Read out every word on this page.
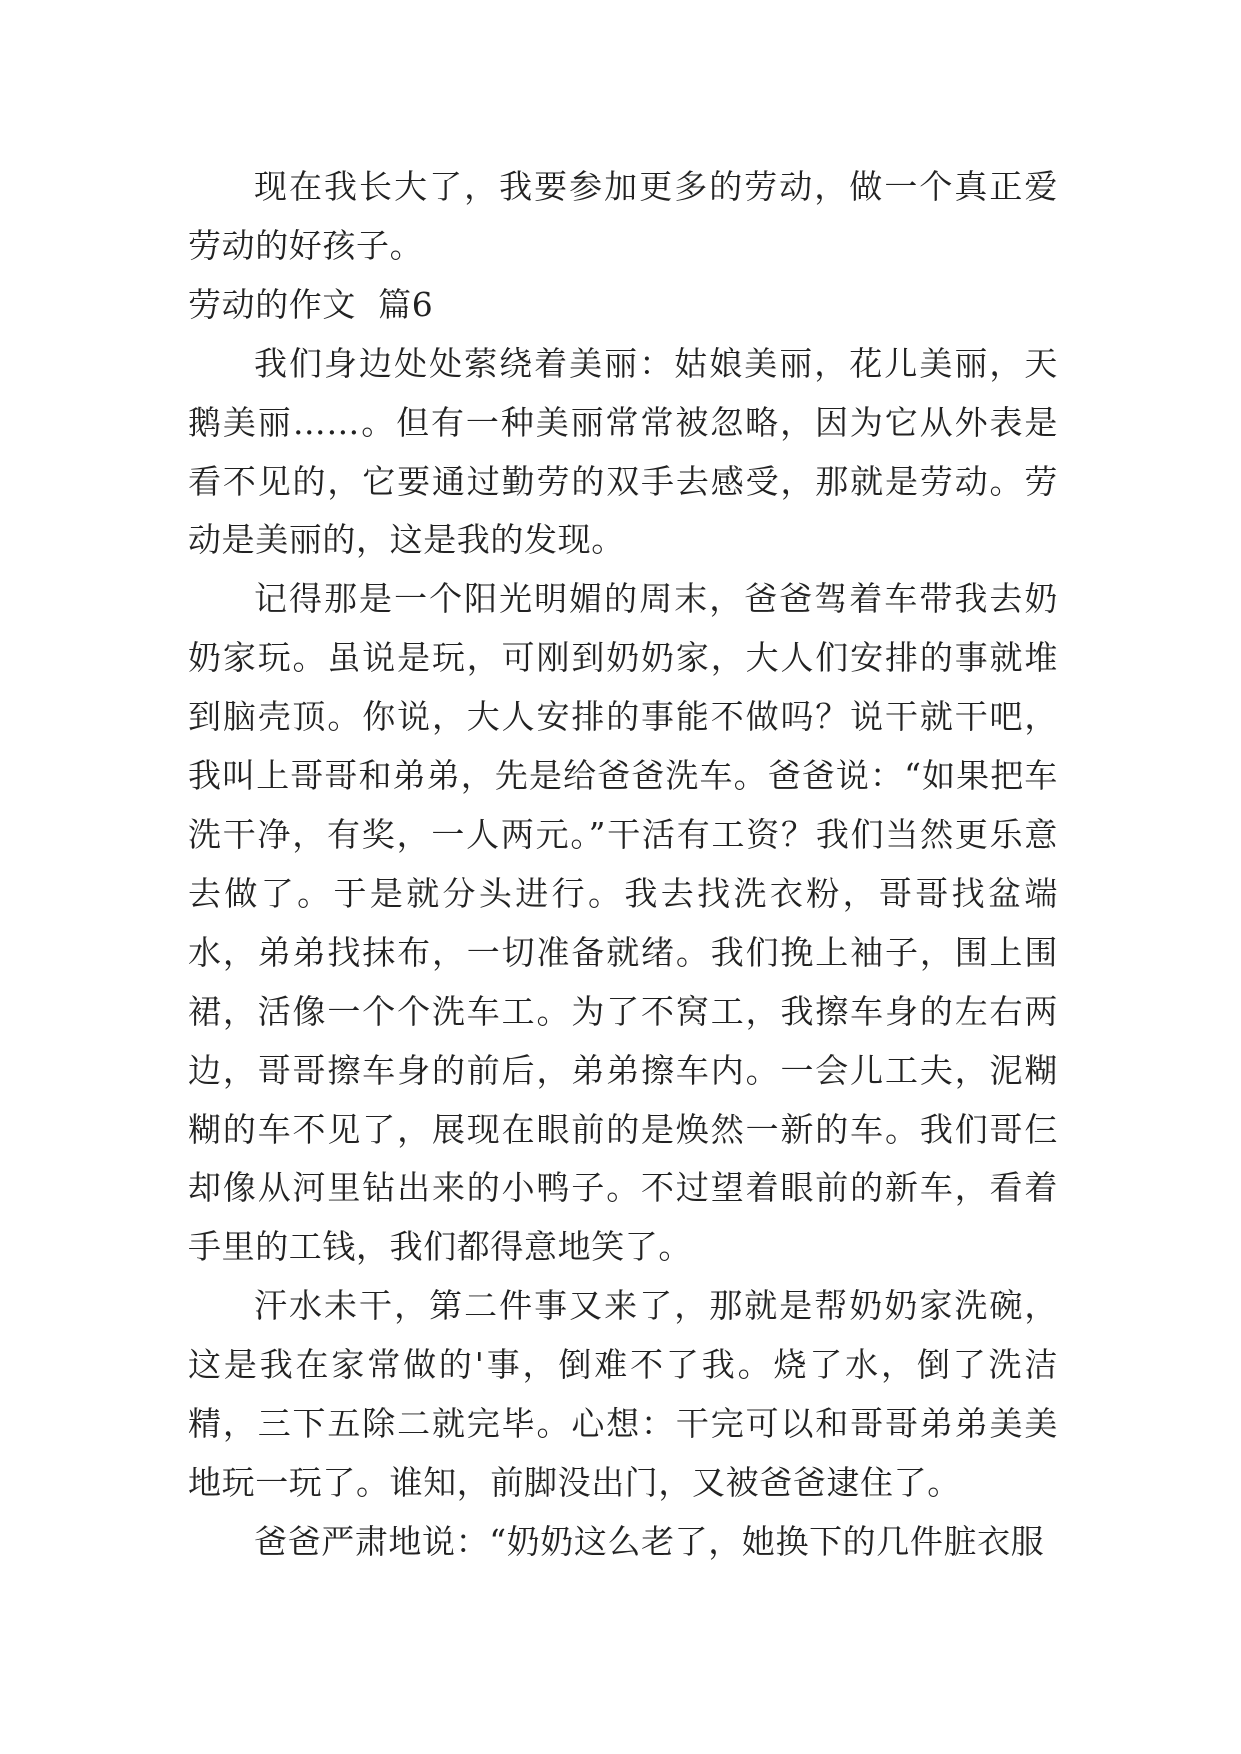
现在我长大了，我要参加更多的劳动，做一个真正爱劳动的好孩子。

劳动的作文  篇6

我们身边处处萦绕着美丽：姑娘美丽，花儿美丽，天鹅美丽……。但有一种美丽常常被忽略，因为它从外表是看不见的，它要通过勤劳的双手去感受，那就是劳动。劳动是美丽的，这是我的发现。

记得那是一个阳光明媚的周末，爸爸驾着车带我去奶奶家玩。虽说是玩，可刚到奶奶家，大人们安排的事就堆到脑壳顶。你说，大人安排的事能不做吗？说干就干吧，我叫上哥哥和弟弟，先是给爸爸洗车。爸爸说：“如果把车洗干净，有奖，一人两元。”干活有工资？我们当然更乐意去做了。于是就分头进行。我去找洗衣粉，哥哥找盆端水，弟弟找抹布，一切准备就绪。我们挽上袖子，围上围裙，活像一个个洗车工。为了不窝工，我擦车身的左右两边，哥哥擦车身的前后，弟弟擦车内。一会儿工夫，泥糊糊的车不见了，展现在眼前的是焕然一新的车。我们哥仨却像从河里钻出来的小鸭子。不过望着眼前的新车，看着手里的工钱，我们都得意地笑了。

汗水未干，第二件事又来了，那就是帮奶奶家洗碗，这是我在家常做的'事，倒难不了我。烧了水，倒了洗洁精，三下五除二就完毕。心想：干完可以和哥哥弟弟美美地玩一玩了。谁知，前脚没出门，又被爸爸逮住了。

爸爸严肃地说：“奶奶这么老了，她换下的几件脏衣服
